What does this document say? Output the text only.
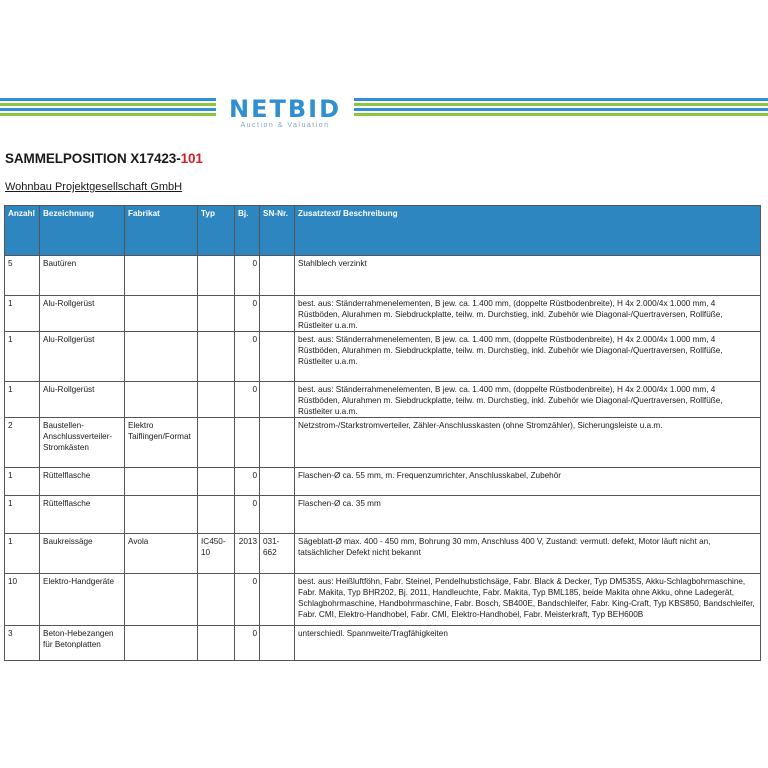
NETBID
Auction & Valuation
SAMMELPOSITION X17423-101
Wohnbau Projektgesellschaft GmbH
Anzahl	Bezeichnung	Fabrikat	Typ	Bj.	SN-Nr.	Zusatztext/ Beschreibung
5	Bautüren			0		Stahlblech verzinkt
1	Alu-Rollgerüst			0		best. aus: Ständerrahmenelementen, B jew. ca. 1.400 mm, (doppelte Rüstbodenbreite), H 4x 2.000/4x 1.000 mm, 4 Rüstböden, Alurahmen m. Siebdruckplatte, teilw. m. Durchstieg, inkl. Zubehör wie Diagonal-/Quertraversen, Rollfüße, Rüstleiter u.a.m.
1	Alu-Rollgerüst			0		best. aus: Ständerrahmenelementen, B jew. ca. 1.400 mm, (doppelte Rüstbodenbreite), H 4x 2.000/4x 1.000 mm, 4 Rüstböden, Alurahmen m. Siebdruckplatte, teilw. m. Durchstieg, inkl. Zubehör wie Diagonal-/Quertraversen, Rollfüße, Rüstleiter u.a.m.
1	Alu-Rollgerüst			0		best. aus: Ständerrahmenelementen, B jew. ca. 1.400 mm, (doppelte Rüstbodenbreite), H 4x 2.000/4x 1.000 mm, 4 Rüstböden, Alurahmen m. Siebdruckplatte, teilw. m. Durchstieg, inkl. Zubehör wie Diagonal-/Quertraversen, Rollfüße, Rüstleiter u.a.m.
2	Baustellen-Anschlussverteiler-Stromkästen	Elektro Taiflingen/Format				Netzstrom-/Starkstromverteiler, Zähler-Anschlusskasten (ohne Stromzähler), Sicherungsleiste u.a.m.
1	Rüttelflasche			0		Flaschen-Ø ca. 55 mm, m. Frequenzumrichter, Anschlusskabel, Zubehör
1	Rüttelflasche			0		Flaschen-Ø ca. 35 mm
1	Baukreissäge	Avola	IC450-10	2013	031-662	Sägeblatt-Ø max. 400 - 450 mm, Bohrung 30 mm, Anschluss 400 V, Zustand: vermutl. defekt, Motor läuft nicht an, tatsächlicher Defekt nicht bekannt
10	Elektro-Handgeräte			0		best. aus: Heißluftföhn, Fabr. Steinel, Pendelhubstichsäge, Fabr. Black & Decker, Typ DM535S, Akku-Schlagbohrmaschine, Fabr. Makita, Typ BHR202, Bj. 2011, Handleuchte, Fabr. Makita, Typ BML185, beide Makita ohne Akku, ohne Ladegerät, Schlagbohrmaschine, Handbohrmaschine, Fabr. Bosch, SB400E, Bandschleifer, Fabr. King-Craft, Typ KBS850, Bandschleifer, Fabr. CMI, Elektro-Handhobel, Fabr. CMI, Elektro-Handhobel, Fabr. Meisterkraft, Typ BEH600B
3	Beton-Hebezangen für Betonplatten			0		unterschiedl. Spannweite/Tragfähigkeiten
